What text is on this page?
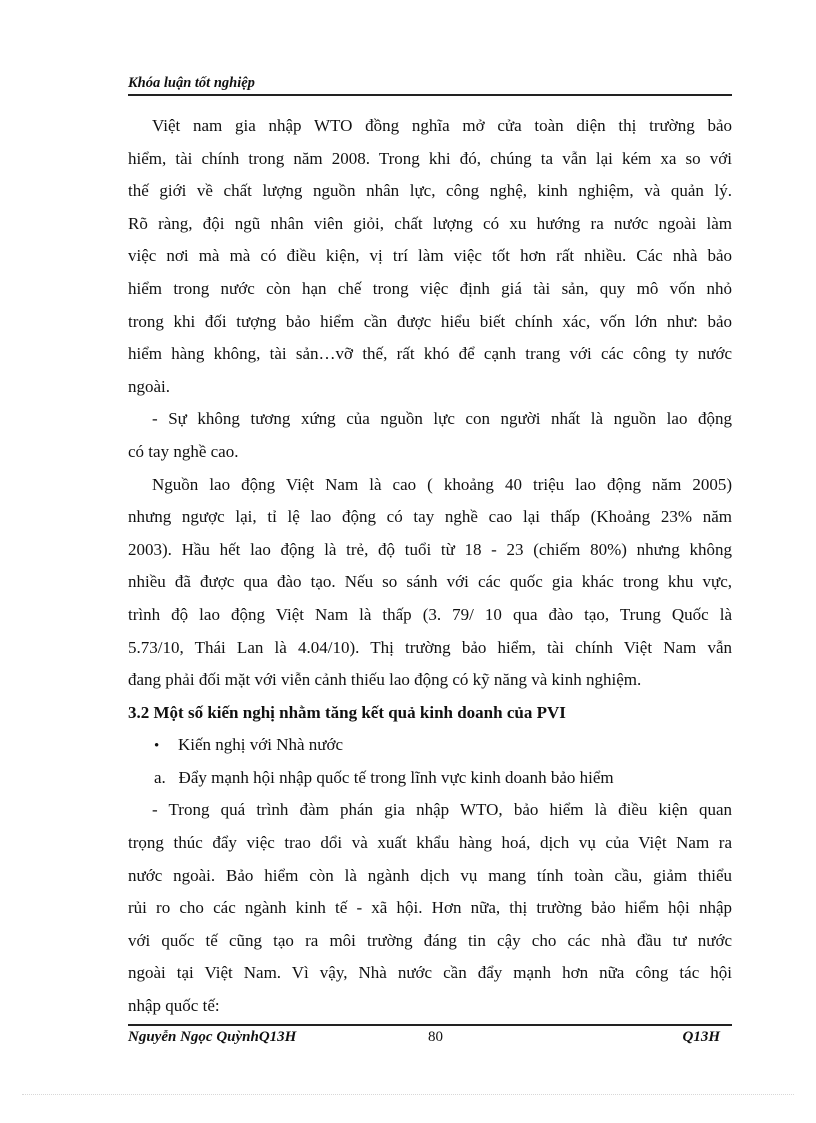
Khóa luận tốt nghiệp
Việt nam gia nhập WTO đồng nghĩa mở cửa toàn diện thị trường bảo
hiểm, tài chính trong năm 2008. Trong khi đó, chúng ta vẫn lại kém xa so với
thế giới về chất lượng nguồn nhân lực, công nghệ, kinh nghiệm, và quản lý.
Rõ ràng, đội ngũ nhân viên giỏi, chất lượng có xu hướng ra nước ngoài làm
việc nơi mà mà có điều kiện, vị trí làm việc tốt hơn rất nhiều. Các nhà bảo
hiểm trong nước còn hạn chế trong việc định giá tài sản, quy mô vốn nhỏ
trong khi đối tượng bảo hiểm cần được hiểu biết chính xác, vốn lớn như: bảo
hiểm hàng không, tài sản…vỡ thế, rất khó để cạnh trang với các công ty nước
ngoài.
- Sự không tương xứng của nguồn lực con người nhất là nguồn lao động
có tay nghề cao.
Nguồn lao động Việt Nam là cao ( khoảng 40 triệu lao động năm 2005)
nhưng ngược lại, tỉ lệ lao động có tay nghề cao lại thấp (Khoảng 23% năm
2003). Hầu hết lao động là trẻ, độ tuổi từ 18 - 23 (chiếm 80%) nhưng không
nhiều đã được qua đào tạo. Nếu so sánh với các quốc gia khác trong khu vực,
trình độ lao động Việt Nam là thấp (3. 79/ 10 qua đào tạo, Trung Quốc là
5.73/10, Thái Lan là 4.04/10). Thị trường bảo hiểm, tài chính Việt Nam vẫn
đang phải đối mặt với viễn cảnh thiếu lao động có kỹ năng và kinh nghiệm.
3.2 Một số kiến nghị nhằm tăng kết quả kinh doanh của PVI
• Kiến nghị với Nhà nước
a.   Đẩy mạnh hội nhập quốc tế trong lĩnh vực kinh doanh bảo hiểm
- Trong quá trình đàm phán gia nhập WTO, bảo hiểm là điều kiện quan
trọng thúc đẩy việc trao dổi và xuất khẩu hàng hoá, dịch vụ của Việt Nam ra
nước ngoài. Bảo hiểm còn là ngành dịch vụ mang tính toàn cầu, giảm thiểu
rủi ro cho các ngành kinh tế - xã hội. Hơn nữa, thị trường bảo hiểm hội nhập
với quốc tế cũng tạo ra môi trường đáng tin cậy cho các nhà đầu tư nước
ngoài tại Việt Nam. Vì vậy, Nhà nước cần đẩy mạnh hơn nữa công tác hội
nhập quốc tế:
Nguyễn Ngọc QuỳnhQ13H	80	Q13H
